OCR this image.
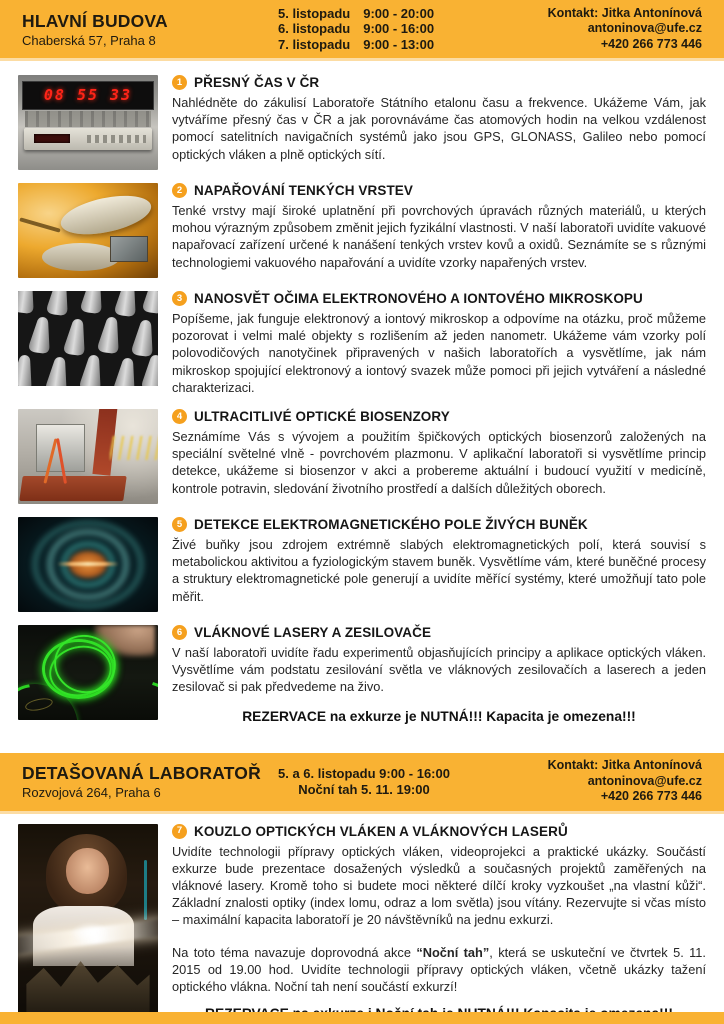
HLAVNÍ BUDOVA
Chaberská 57, Praha 8
5. listopadu 9:00 - 20:00
6. listopadu 9:00 - 16:00
7. listopadu 9:00 - 13:00
Kontakt: Jitka Antonínová
antoninova@ufe.cz
+420 266 773 446
08 55 33
1 PŘESNÝ ČAS V ČR

Nahlédněte do zákulisí Laboratoře Státního etalonu času a frekvence. Ukážeme Vám, jak vytváříme přesný čas v ČR a jak porovnáváme čas atomových hodin na velkou vzdálenost pomocí satelitních navigačních systémů jako jsou GPS, GLONASS, Galileo nebo pomocí optických vláken a plně optických sítí.

2 NAPAŘOVÁNÍ TENKÝCH VRSTEV

Tenké vrstvy mají široké uplatnění při povrchových úpravách různých materiálů, u kterých mohou výrazným způsobem změnit jejich fyzikální vlastnosti. V naší laboratoři uvidíte vakuové napařovací zařízení určené k nanášení tenkých vrstev kovů a oxidů. Seznámíte se s různými technologiemi vakuového napařování a uvidíte vzorky napařených vrstev.

3 NANOSVĚT OČIMA ELEKTRONOVÉHO A IONTOVÉHO MIKROSKOPU

Popíšeme, jak funguje elektronový a iontový mikroskop a odpovíme na otázku, proč můžeme pozorovat i velmi malé objekty s rozlišením až jeden nanometr. Ukážeme vám vzorky polí polovodičových nanotyčinek připravených v našich laboratořích a vysvětlíme, jak nám mikroskop spojující elektronový a iontový svazek může pomoci při jejich vytváření a následné charakterizaci.

4 ULTRACITLIVÉ OPTICKÉ BIOSENZORY

Seznámíme Vás s vývojem a použitím špičkových optických biosenzorů založených na speciální světelné vlně - povrchovém plazmonu. V aplikační laboratoři si vysvětlíme princip detekce, ukážeme si biosenzor v akci a probereme aktuální i budoucí využití v medicíně, kontrole potravin, sledování životního prostředí a dalších důležitých oborech.

5 DETEKCE ELEKTROMAGNETICKÉHO POLE ŽIVÝCH BUNĚK

Živé buňky jsou zdrojem extrémně slabých elektromagnetických polí, která souvisí s metabolickou aktivitou a fyziologickým stavem buněk. Vysvětlíme vám, které buněčné procesy a struktury elektromagnetické pole generují a uvidíte měřící systémy, které umožňují tato pole měřit.

6 VLÁKNOVÉ LASERY A ZESILOVAČE

V naší laboratoři uvidíte řadu experimentů objasňujících principy a aplikace optických vláken. Vysvětlíme vám podstatu zesilování světla ve vláknových zesilovačích a laserech a jeden zesilovač si pak předvedeme na živo.

REZERVACE na exkurze je NUTNÁ!!! Kapacita je omezena!!!
DETAŠOVANÁ LABORATOŘ
Rozvojová 264, Praha 6
5. a 6. listopadu 9:00 - 16:00
Noční tah 5. 11. 19:00
Kontakt: Jitka Antonínová
antoninova@ufe.cz
+420 266 773 446
7 KOUZLO OPTICKÝCH VLÁKEN A VLÁKNOVÝCH LASERŮ

Uvidíte technologii přípravy optických vláken, videoprojekci a praktické ukázky. Součástí exkurze bude prezentace dosažených výsledků a současných projektů zaměřených na vláknové lasery. Kromě toho si budete moci některé dílčí kroky vyzkoušet „na vlastní kůži“. Základní znalosti optiky (index lomu, odraz a lom světla) jsou vítány. Rezervujte si včas místo – maximální kapacita laboratoří je 20 návštěvníků na jednu exkurzi.

Na toto téma navazuje doprovodná akce “Noční tah”, která se uskuteční ve čtvrtek 5. 11. 2015 od 19.00 hod. Uvidíte technologii přípravy optických vláken, včetně ukázky tažení optického vlákna. Noční tah není součástí exkurzí!
